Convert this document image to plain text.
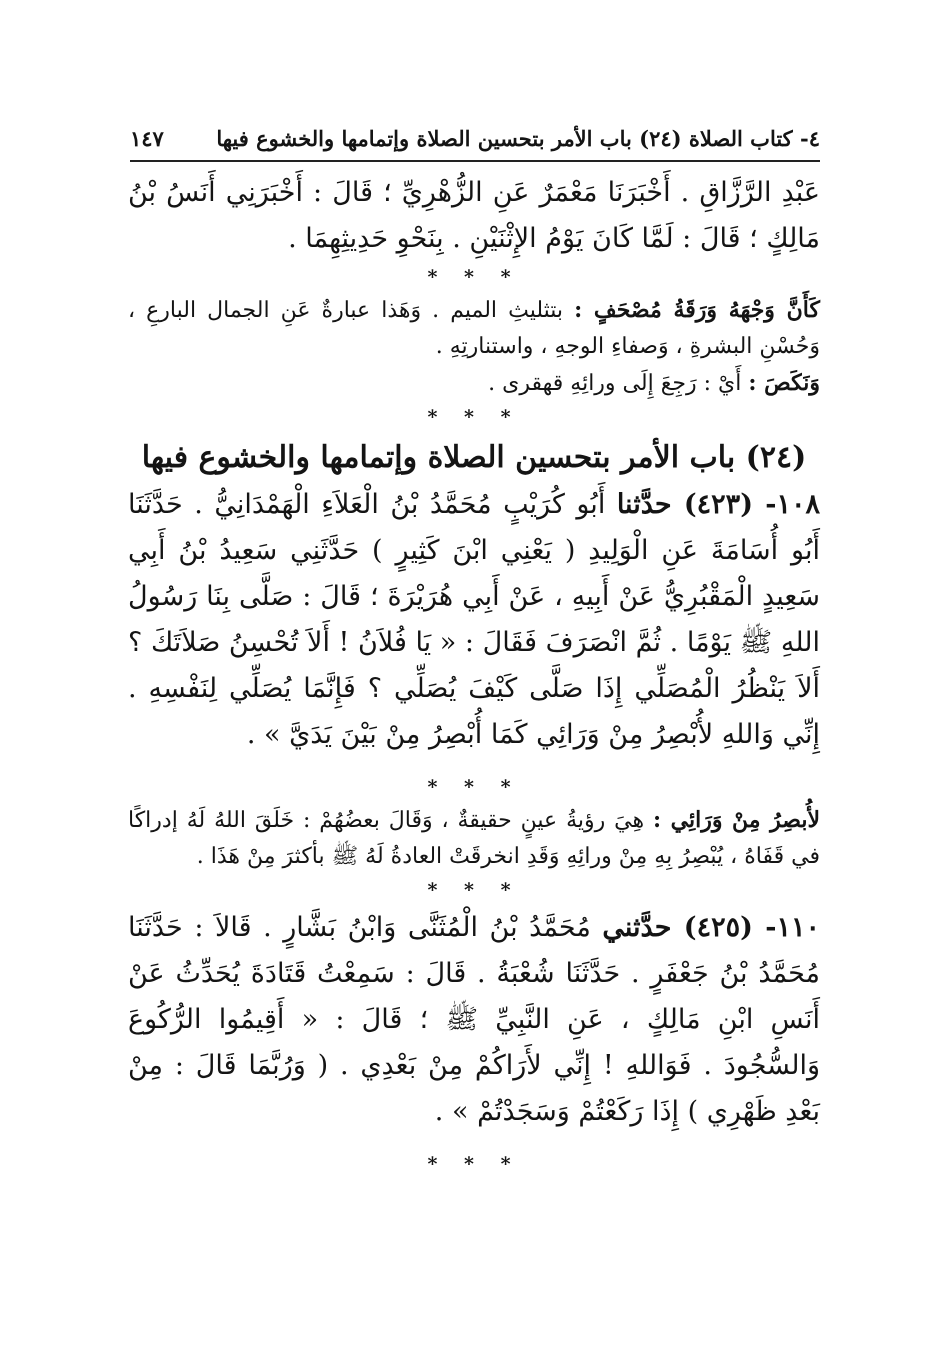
٤- كتاب الصلاة (٢٤) باب الأمر بتحسين الصلاة وإتمامها والخشوع فيها
١٤٧

عَبْدِ الرَّزَّاقِ . أَخْبَرَنَا مَعْمَرٌ عَنِ الزُّهْرِيِّ ؛ قَالَ : أَخْبَرَنِي أَنَسُ بْنُ مَالِكٍ ؛ قَالَ : لَمَّا كَانَ يَوْمُ الإِثْنَيْنِ . بِنَحْوِ حَدِيثِهِمَا .

* * *

كَأَنَّ وَجْهَهُ وَرَقَةُ مُصْحَفٍ : بتثليثِ الميم . وَهَذا عبارةٌ عَنِ الجمال البارعِ ، وَحُسْنِ البشرةِ ، وَصفاءِ الوجهِ ، واستنارتِهِ .

وَنَكَصَ : أَيْ : رَجِعَ إِلَى ورائِهِ قهقرى .

* * *

(٢٤) باب الأمر بتحسين الصلاة وإتمامها والخشوع فيها

١٠٨- (٤٢٣) حدَّثنا أَبُو كُرَيْبٍ مُحَمَّدُ بْنُ الْعَلاَءِ الْهَمْدَانِيُّ . حَدَّثَنَا أَبُو أُسَامَةَ عَنِ الْوَلِيدِ ( يَعْنِي ابْنَ كَثِيرٍ ) حَدَّثَنِي سَعِيدُ بْنُ أَبِي سَعِيدٍ الْمَقْبُرِيُّ عَنْ أَبِيهِ ، عَنْ أَبِي هُرَيْرَةَ ؛ قَالَ : صَلَّى بِنَا رَسُولُ اللهِ ﷺ يَوْمًا . ثُمَّ انْصَرَفَ فَقَالَ : « يَا فُلاَنُ ! أَلاَ تُحْسِنُ صَلاَتَكَ ؟ أَلاَ يَنْظُرُ الْمُصَلِّي إِذَا صَلَّى كَيْفَ يُصَلِّي ؟ فَإِنَّمَا يُصَلِّي لِنَفْسِهِ . إِنِّي وَاللهِ لأُبْصِرُ مِنْ وَرَائِي كَمَا أُبْصِرُ مِنْ بَيْنَ يَدَيَّ » .

* * *

لأُبصِرُ مِنْ وَرَائِي : هِيَ رؤيةُ عينٍ حقيقةٌ ، وَقَالَ بعضُهُمْ : خَلَقَ اللهُ لَهُ إدراكًا في قَفَاهُ ، يُبْصِرُ بِهِ مِنْ ورائِهِ وَقَدِ انخرقَتْ العادةُ لَهُ ﷺ بأكثرَ مِنْ هَذَا .

* * *

١١٠- (٤٢٥) حدَّثني مُحَمَّدُ بْنُ الْمُثَنَّى وَابْنُ بَشَّارٍ . قَالاَ : حَدَّثَنَا مُحَمَّدُ بْنُ جَعْفَرٍ . حَدَّثَنَا شُعْبَةُ . قَالَ : سَمِعْتُ قَتَادَةَ يُحَدِّثُ عَنْ أَنَسِ ابْنِ مَالِكٍ ، عَنِ النَّبِيِّ ﷺ ؛ قَالَ : « أَقِيمُوا الرُّكُوعَ وَالسُّجُودَ . فَوَاللهِ ! إِنِّي لأَرَاكُمْ مِنْ بَعْدِي . ( وَرُبَّمَا قَالَ : مِنْ بَعْدِ ظَهْرِي ) إِذَا رَكَعْتُمْ وَسَجَدْتُمْ » .

* * *
